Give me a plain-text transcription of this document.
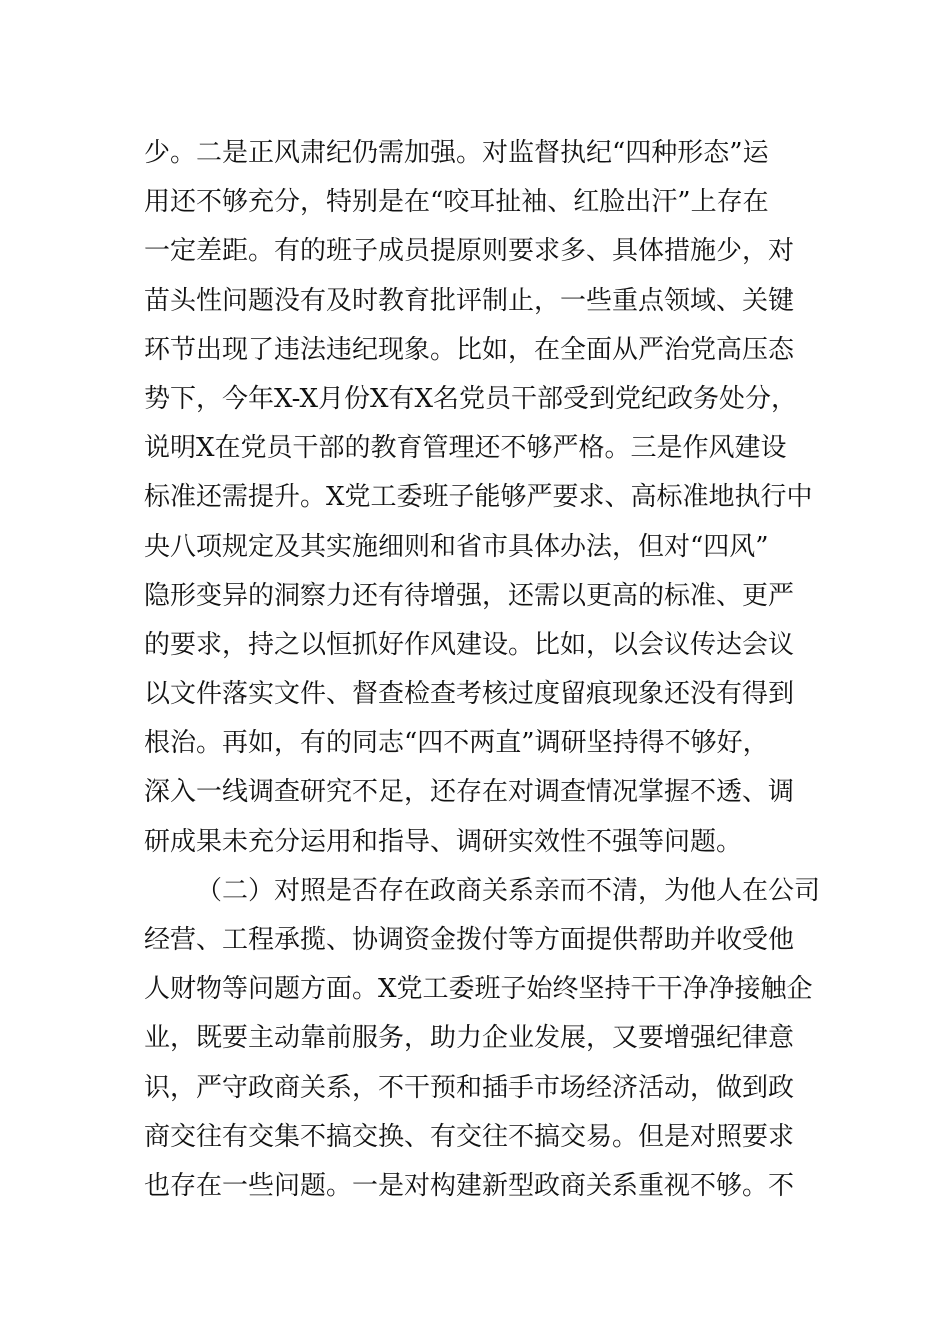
少。二是正风肃纪仍需加强。对监督执纪“四种形态”运
用还不够充分，特别是在“咬耳扯袖、红脸出汗”上存在
一定差距。有的班子成员提原则要求多、具体措施少，对
苗头性问题没有及时教育批评制止，一些重点领域、关键
环节出现了违法违纪现象。比如，在全面从严治党高压态
势下，今年X-X月份X有X名党员干部受到党纪政务处分，
说明X在党员干部的教育管理还不够严格。三是作风建设
标准还需提升。X党工委班子能够严要求、高标准地执行中
央八项规定及其实施细则和省市具体办法，但对“四风”
隐形变异的洞察力还有待增强，还需以更高的标准、更严
的要求，持之以恒抓好作风建设。比如，以会议传达会议
以文件落实文件、督查检查考核过度留痕现象还没有得到
根治。再如，有的同志“四不两直”调研坚持得不够好，
深入一线调查研究不足，还存在对调查情况掌握不透、调
研成果未充分运用和指导、调研实效性不强等问题。
（二）对照是否存在政商关系亲而不清，为他人在公司
经营、工程承揽、协调资金拨付等方面提供帮助并收受他
人财物等问题方面。X党工委班子始终坚持干干净净接触企
业，既要主动靠前服务，助力企业发展，又要增强纪律意
识，严守政商关系，不干预和插手市场经济活动，做到政
商交往有交集不搞交换、有交往不搞交易。但是对照要求
也存在一些问题。一是对构建新型政商关系重视不够。不
